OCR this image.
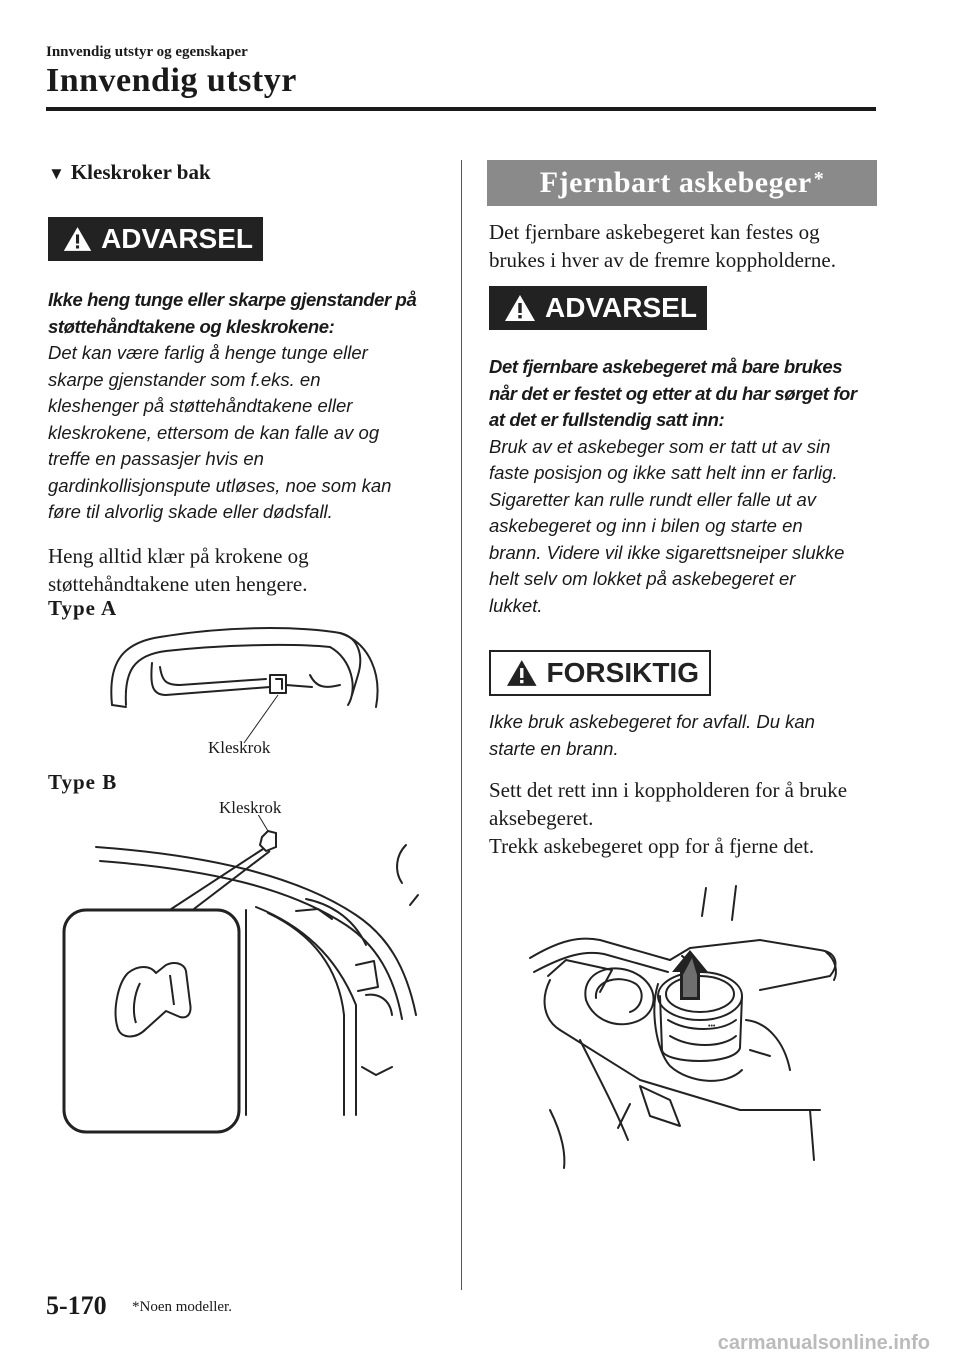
Innvendig utstyr og egenskaper
Innvendig utstyr
▼ Kleskroker bak
ADVARSEL
Ikke heng tunge eller skarpe gjenstander på
støttehåndtakene og kleskrokene:
Det kan være farlig å henge tunge eller
skarpe gjenstander som f.eks. en
kleshenger på støttehåndtakene eller
kleskrokene, ettersom de kan falle av og
treffe en passasjer hvis en
gardinkollisjonspute utløses, noe som kan
føre til alvorlig skade eller dødsfall.
Heng alltid klær på krokene og
støttehåndtakene uten hengere.
Type A
Kleskrok
Type B
Kleskrok
Fjernbart askebeger*
Det fjernbare askebegeret kan festes og
brukes i hver av de fremre koppholderne.
ADVARSEL
Det fjernbare askebegeret må bare brukes
når det er festet og etter at du har sørget for
at det er fullstendig satt inn:
Bruk av et askebeger som er tatt ut av sin
faste posisjon og ikke satt helt inn er farlig.
Sigaretter kan rulle rundt eller falle ut av
askebegeret og inn i bilen og starte en
brann. Videre vil ikke sigarettsneiper slukke
helt selv om lokket på askebegeret er
lukket.
FORSIKTIG
Ikke bruk askebegeret for avfall. Du kan
starte en brann.
Sett det rett inn i koppholderen for å bruke
aksebegeret.
Trekk askebegeret opp for å fjerne det.
•••
5-170 *Noen modeller.
carmanualsonline.info
